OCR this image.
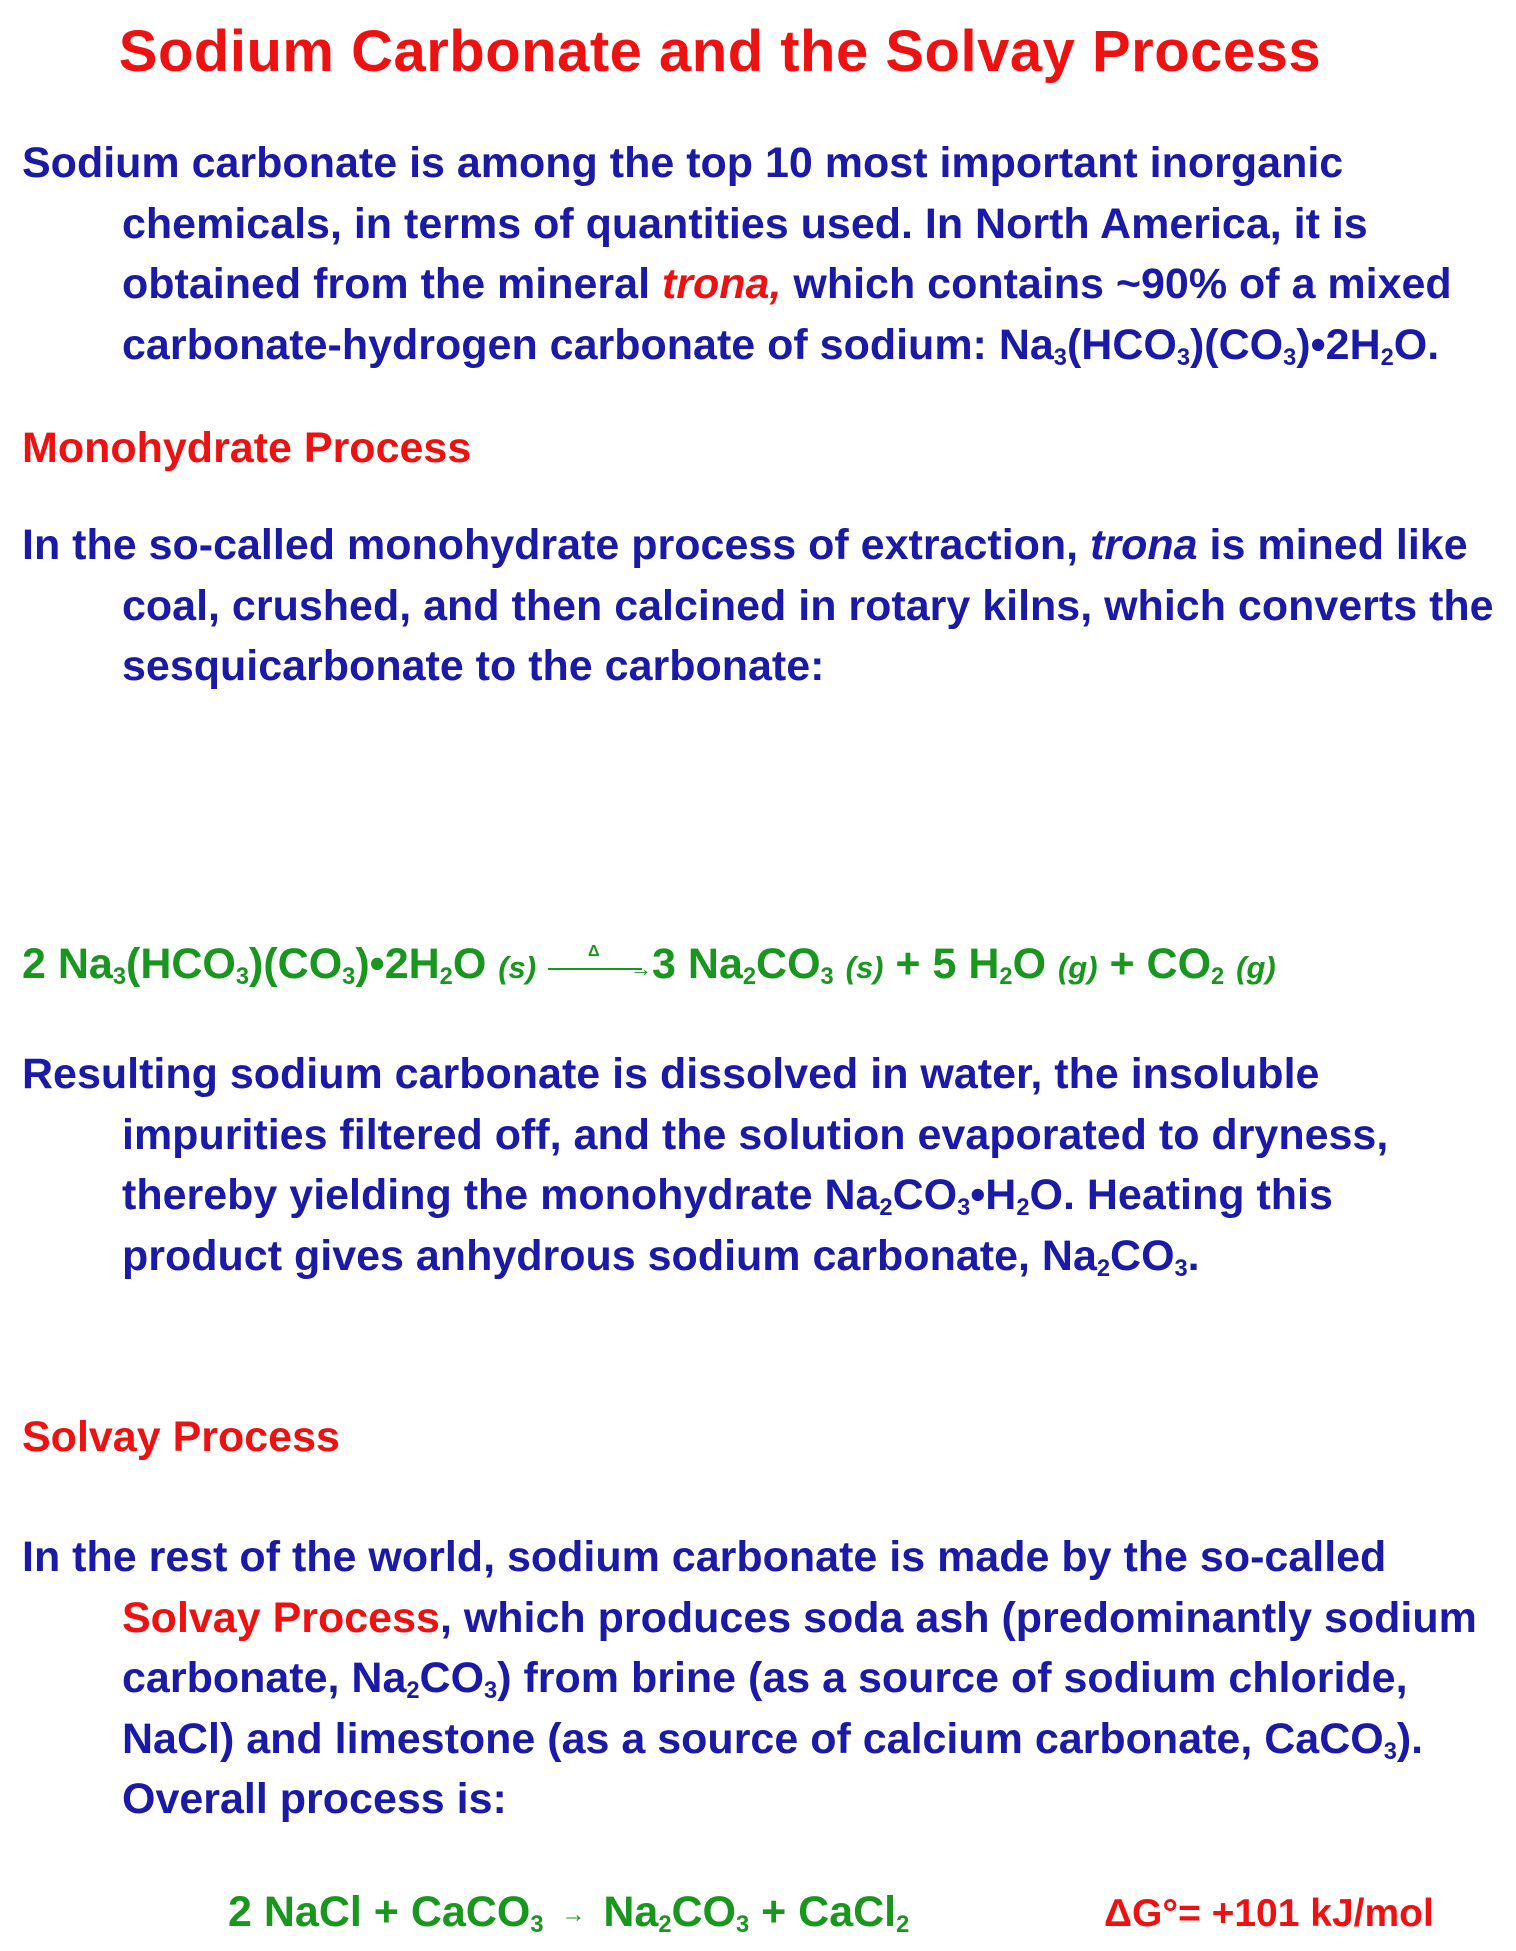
Sodium Carbonate and the Solvay Process

Sodium carbonate is among the top 10 most important inorganic chemicals, in terms of quantities used. In North America, it is obtained from the mineral trona, which contains ~90% of a mixed carbonate-hydrogen carbonate of sodium: $Na_3(HCO_3)(CO_3)•2H_2O$.

Monohydrate Process

In the so-called monohydrate process of extraction, trona is mined like coal, crushed, and then calcined in rotary kilns, which converts the sesquicarbonate to the carbonate:

2 $Na_3(HCO_3)(CO_3)•2H_2O$ (s)	→
Δ 3 $Na_2CO_3$ (s) + 5 $H_2O$ $(g) + CO_2$ (g)

Resulting sodium carbonate is dissolved in water, the insoluble impurities filtered off, and the solution evaporated to dryness, thereby yielding the monohydrate $Na_2CO_3•H_2O$. Heating this product gives anhydrous sodium carbonate, $Na_2CO_3$.

Solvay Process

In the rest of the world, sodium carbonate is made by the so-called Solvay Process, which produces soda ash (predominantly sodium carbonate, $Na_2CO_3$) from brine (as a source of sodium chloride, NaCl) and limestone (as a source of calcium carbonate, CaCO$_3$). Overall process is:

2 NaCl + CaCO$_3$ → $Na_2CO_3$ + CaCl$_2$	ΔG°= +101 kJ/mol
